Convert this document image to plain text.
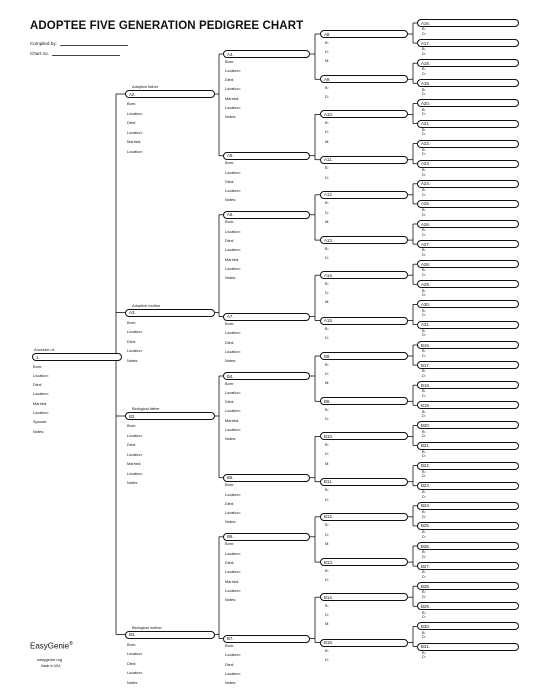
ADOPTEE FIVE GENERATION PEDIGREE CHART
Compiled by:
Chart no.
EasyGenie®
easygenie.org
Made in USA
Ancestor of:
1.
Born:
Location:
Died:
Location:
Married:
Location:
Spouse:
Notes:
Adoptive father
A2.
Born:
Location:
Died:
Location:
Married:
Location:
Adoptive mother
A3.
Born:
Location:
Died:
Location:
Notes:
Biological father
B2.
Born:
Location:
Died:
Location:
Married:
Location:
Notes:
Biological mother
B3.
Born:
Location:
Died:
Location:
Notes:
A4.
Born:
Location:
Died:
Location:
Married:
Location:
Notes:
A5.
Born:
Location:
Died:
Location:
Notes:
A6.
Born:
Location:
Died:
Location:
Married:
Location:
Notes:
A7.
Born:
Location:
Died:
Location:
Notes:
B4.
Born:
Location:
Died:
Location:
Married:
Location:
Notes:
B5.
Born:
Location:
Died:
Location:
Notes:
B6.
Born:
Location:
Died:
Location:
Married:
Location:
Notes:
B7.
Born:
Location:
Died:
Location:
Notes:
A8.
B:
D:
M:
A9.
B:
D:
A10.
B:
D:
M:
A11.
B:
D:
A12.
B:
D:
M:
A13.
B:
D:
A14.
B:
D:
M:
A15.
B:
D:
B8.
B:
D:
M:
B9.
B:
D:
B10.
B:
D:
M:
B11.
B:
D:
B12.
B:
D:
M:
B13.
B:
D:
B14.
B:
D:
M:
B15.
B:
D:
A16.
B:
D:
A17.
B:
D:
A18.
B:
D:
A19.
B:
D:
A20.
B:
D:
A21.
B:
D:
A22.
B:
D:
A23.
B:
D:
A24.
B:
D:
A25.
B:
D:
A26.
B:
D:
A27.
B:
D:
A28.
B:
D:
A29.
B:
D:
A30.
B:
D:
A31.
B:
D:
B16.
B:
D:
B17.
B:
D:
B18.
B:
D:
B19.
B:
D:
B20.
B:
D:
B21.
B:
D:
B22.
B:
D:
B23.
B:
D:
B24.
B:
D:
B25.
B:
D:
B26.
B:
D:
B27.
B:
D:
B28.
B:
D:
B29.
B:
D:
B30.
B:
D:
B31.
B:
D:
